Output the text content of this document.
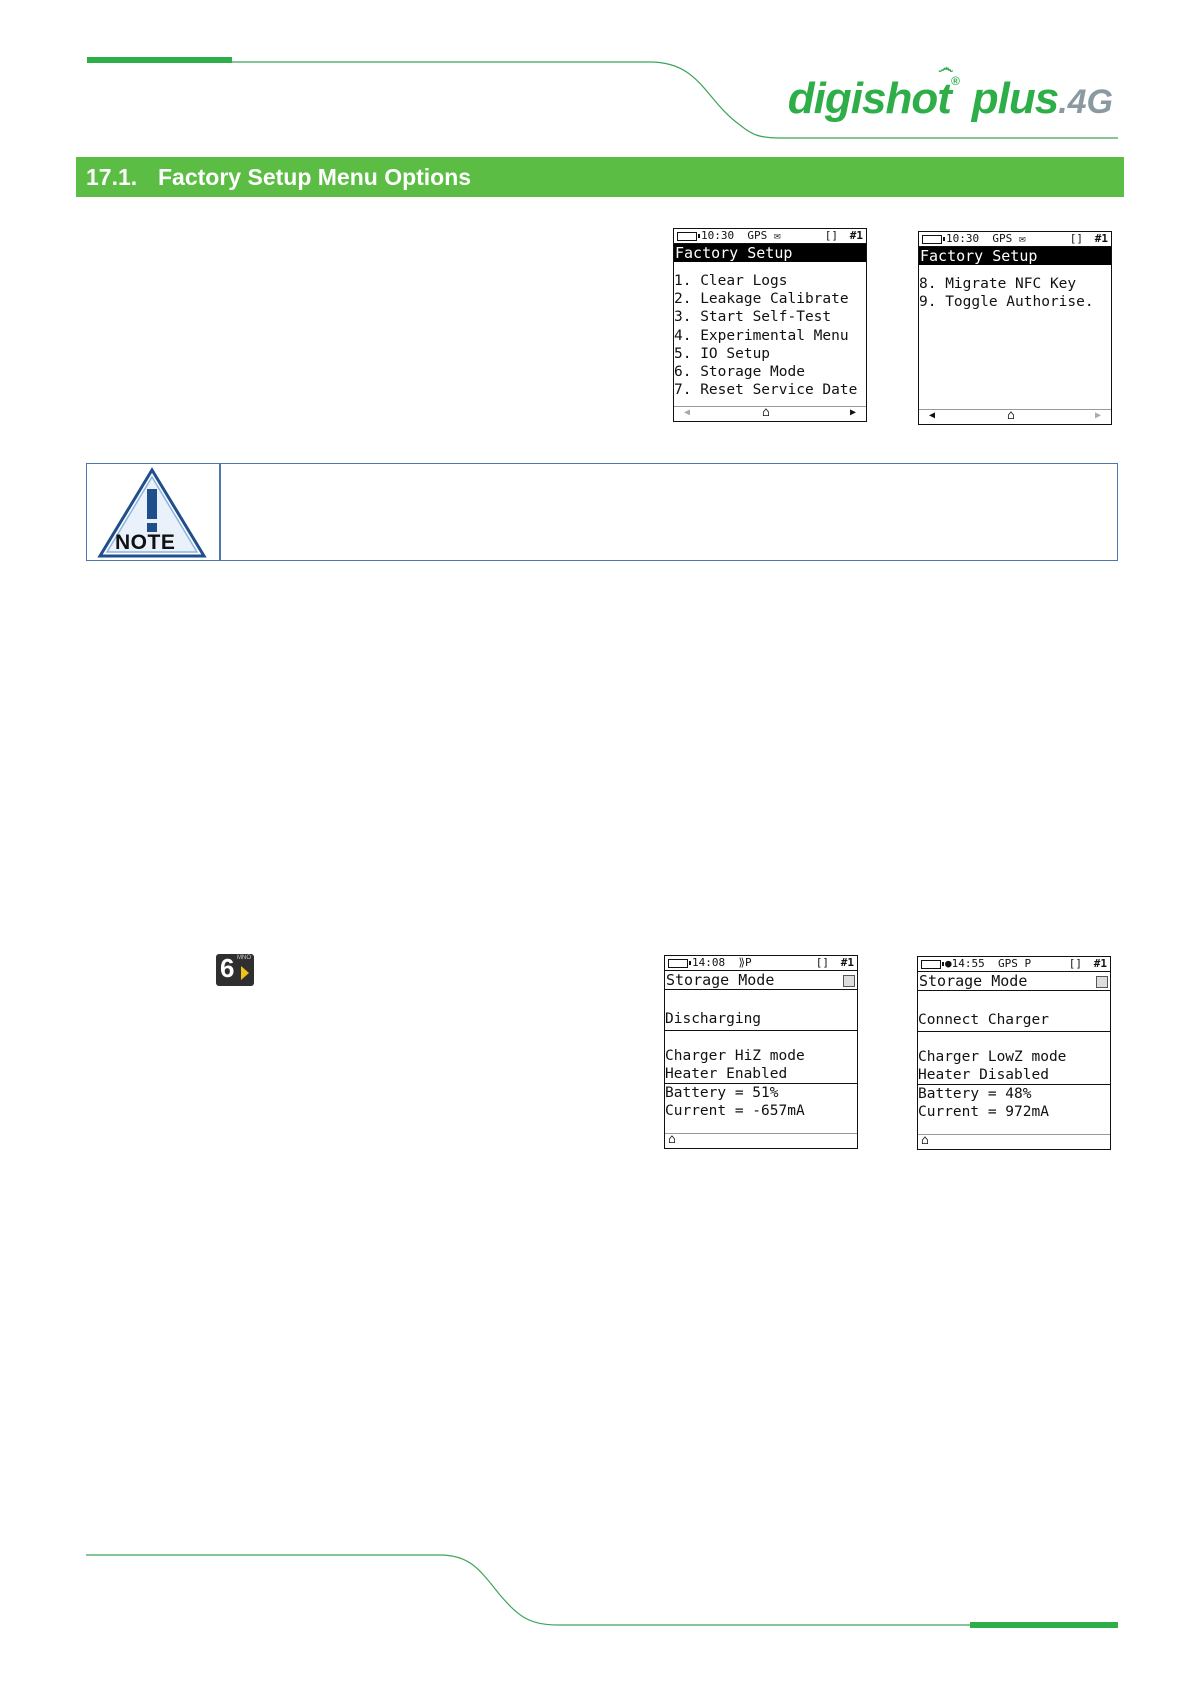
digishot® plus.4G
෴
17.1. Factory Setup Menu Options
10:30 GPS ✉	[] #1
Factory Setup
1. Clear Logs
2. Leakage Calibrate
3. Start Self-Test
4. Experimental Menu
5. IO Setup
6. Storage Mode
7. Reset Service Date
◀	⌂	▶
10:30 GPS ✉	[] #1
Factory Setup
8. Migrate NFC Key
9. Toggle Authorise.
◀	⌂	▶
NOTE
6 MNO	14:08 ⟫P	[] #1
Storage Mode
Discharging
Charger HiZ mode
Heater Enabled
Battery = 51%
Current = -657mA
⌂
●14:55 GPS P	[] #1
Storage Mode
Connect Charger
Charger LowZ mode
Heater Disabled
Battery = 48%
Current = 972mA
⌂
